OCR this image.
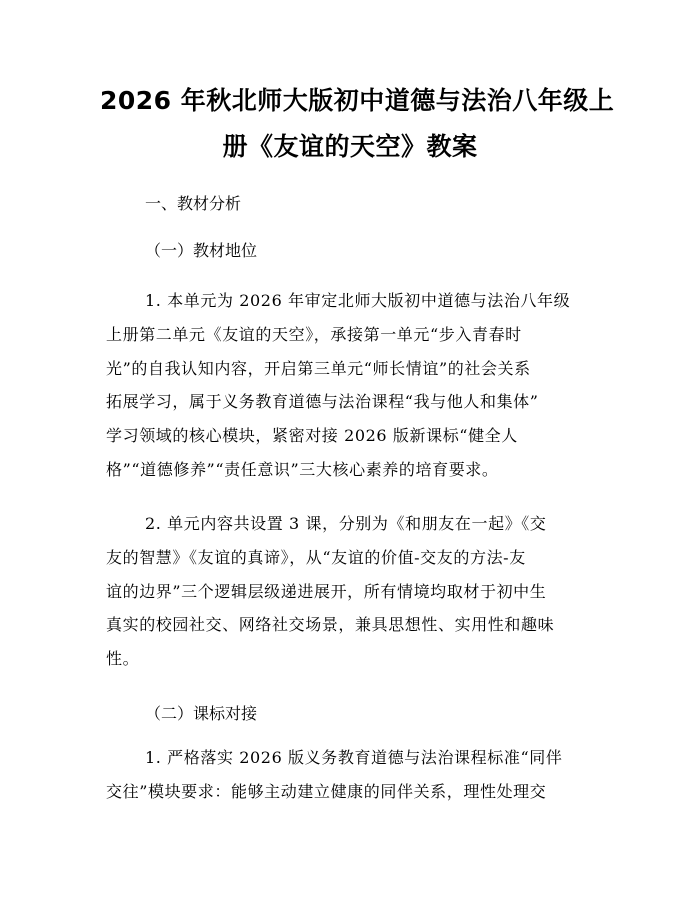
2026 年秋北师大版初中道德与法治八年级上
册《友谊的天空》教案
一、教材分析
（一）教材地位
1. 本单元为 2026 年审定北师大版初中道德与法治八年级
上册第二单元《友谊的天空》，承接第一单元“步入青春时
光”的自我认知内容，开启第三单元“师长情谊”的社会关系
拓展学习，属于义务教育道德与法治课程“我与他人和集体”
学习领域的核心模块，紧密对接 2026 版新课标“健全人
格”“道德修养”“责任意识”三大核心素养的培育要求。
2. 单元内容共设置 3 课，分别为《和朋友在一起》《交
友的智慧》《友谊的真谛》，从“友谊的价值-交友的方法-友
谊的边界”三个逻辑层级递进展开，所有情境均取材于初中生
真实的校园社交、网络社交场景，兼具思想性、实用性和趣味
性。
（二）课标对接
1. 严格落实 2026 版义务教育道德与法治课程标准“同伴
交往”模块要求：能够主动建立健康的同伴关系，理性处理交
